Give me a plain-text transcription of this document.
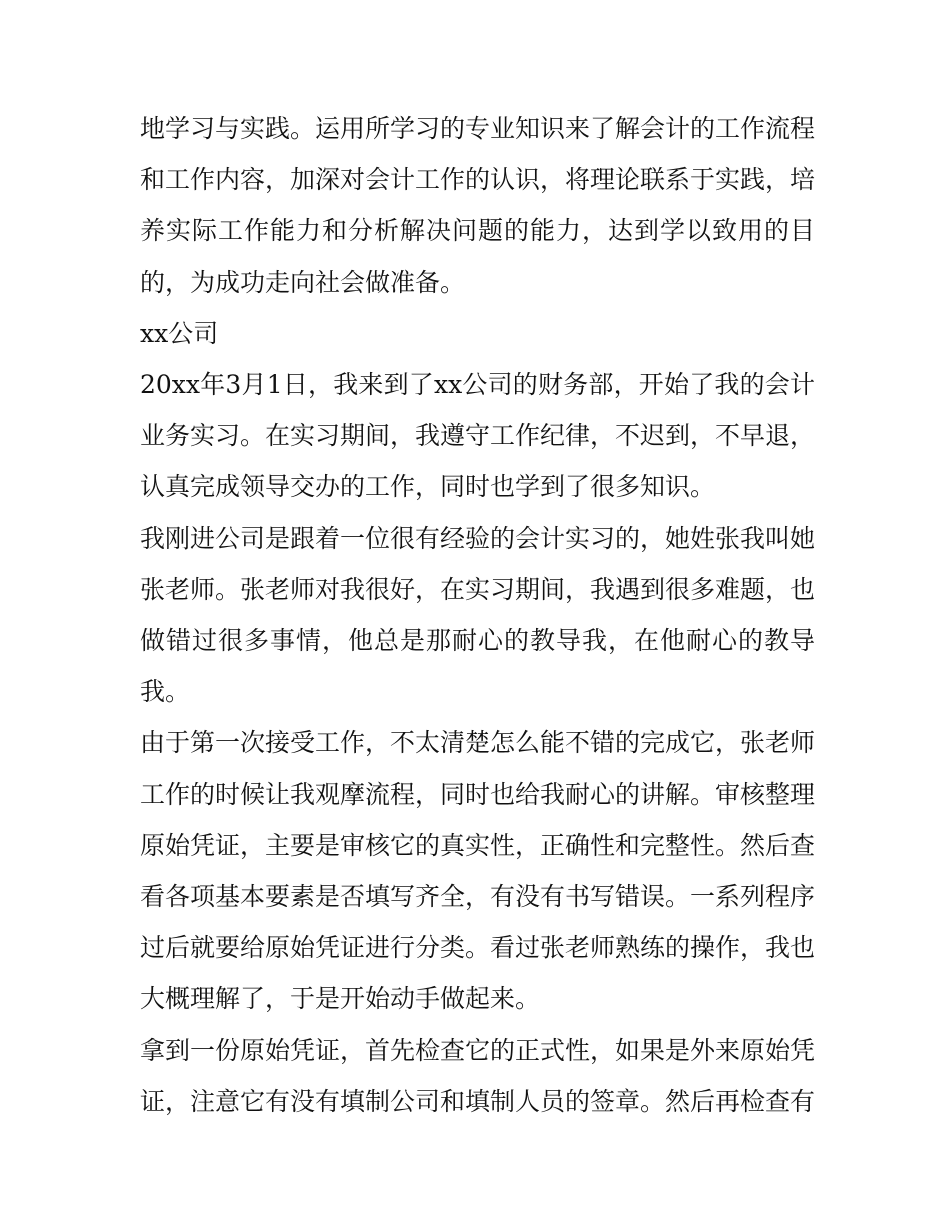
地学习与实践。运用所学习的专业知识来了解会计的工作流程和工作内容，加深对会计工作的认识，将理论联系于实践，培养实际工作能力和分析解决问题的能力，达到学以致用的目的，为成功走向社会做准备。

xx公司

20xx年3月1日，我来到了xx公司的财务部，开始了我的会计业务实习。在实习期间，我遵守工作纪律，不迟到，不早退，认真完成领导交办的工作，同时也学到了很多知识。

我刚进公司是跟着一位很有经验的会计实习的，她姓张我叫她张老师。张老师对我很好，在实习期间，我遇到很多难题，也做错过很多事情，他总是那耐心的教导我，在他耐心的教导我。

由于第一次接受工作，不太清楚怎么能不错的完成它，张老师工作的时候让我观摩流程，同时也给我耐心的讲解。审核整理原始凭证，主要是审核它的真实性，正确性和完整性。然后查看各项基本要素是否填写齐全，有没有书写错误。一系列程序过后就要给原始凭证进行分类。看过张老师熟练的操作，我也大概理解了，于是开始动手做起来。

拿到一份原始凭证，首先检查它的正式性，如果是外来原始凭证，注意它有没有填制公司和填制人员的签章。然后再检查有
